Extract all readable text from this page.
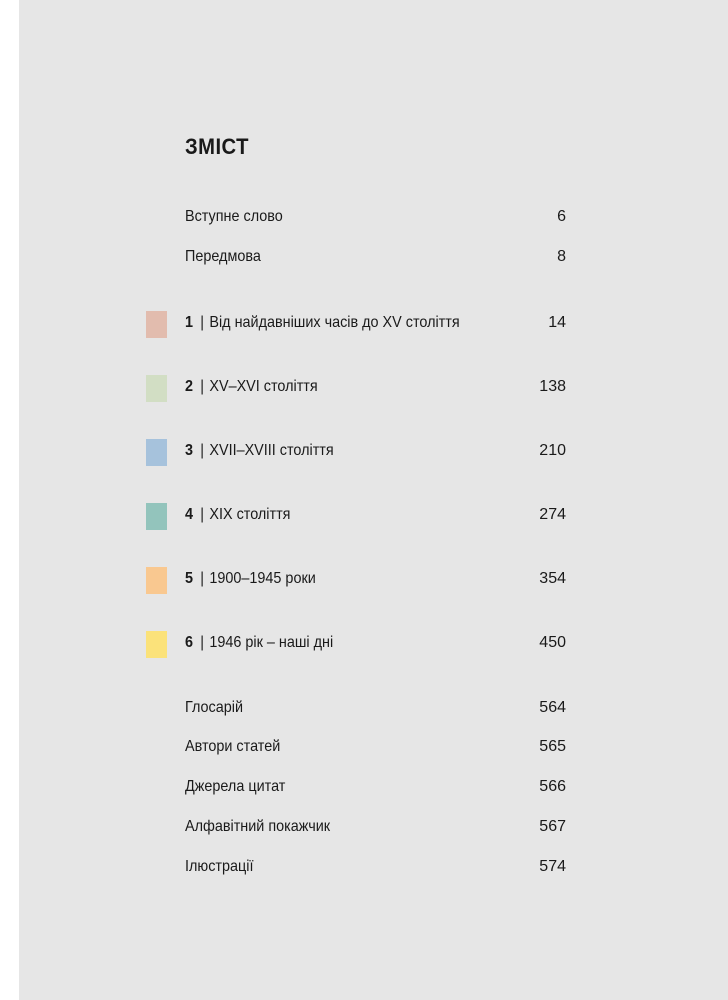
ЗМІСТ
Вступне слово	6
Передмова	8
1 | Від найдавніших часів до XV століття	14
2 | XV–XVI століття	138
3 | XVII–XVIII століття	210
4 | XIX століття	274
5 | 1900–1945 роки	354
6 | 1946 рік – наші дні	450
Глосарій	564
Автори статей	565
Джерела цитат	566
Алфавітний покажчик	567
Ілюстрації	574
